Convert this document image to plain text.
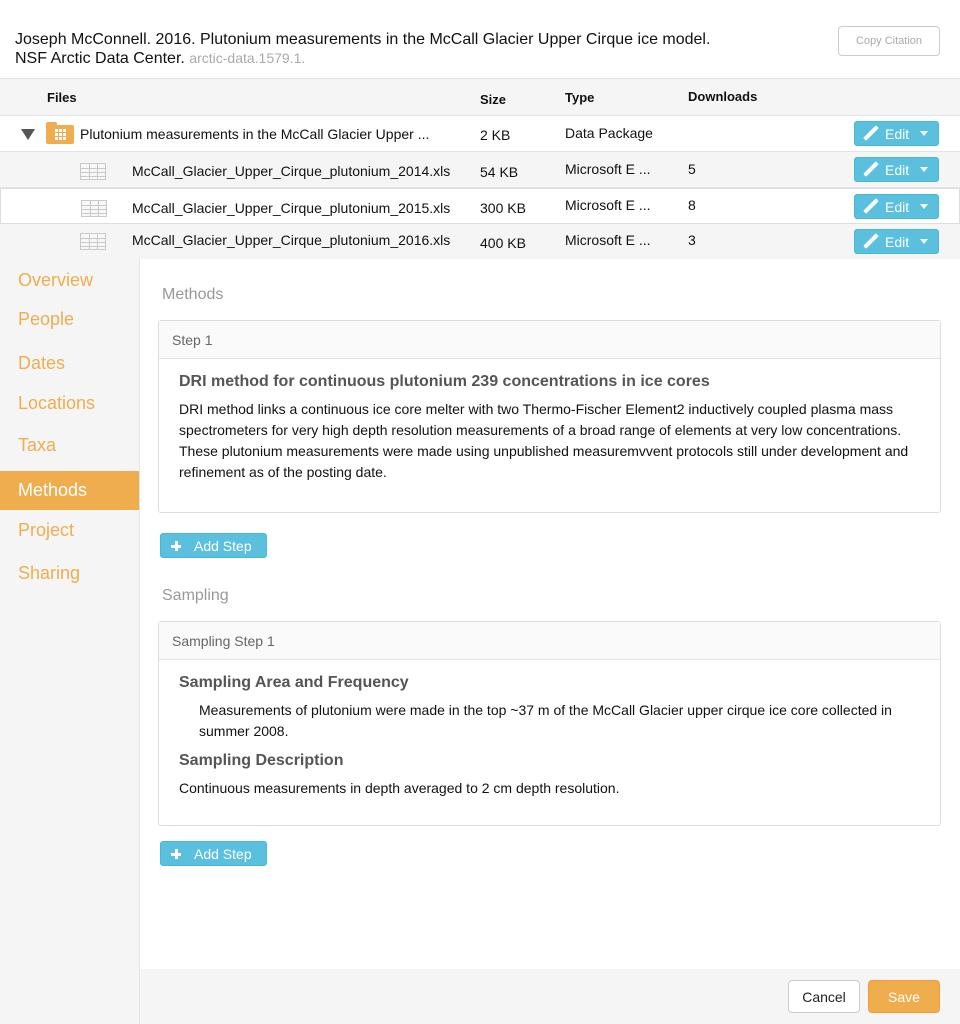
Joseph McConnell. 2016. Plutonium measurements in the McCall Glacier Upper Cirque ice model.
NSF Arctic Data Center. arctic-data.1579.1.
Copy Citation
Files	Size	Type	Downloads
Plutonium measurements in the McCall Glacier Upper ...	2 KB	Data Package	Edit
McCall_Glacier_Upper_Cirque_plutonium_2014.xls 54 KB	Microsoft E ...	5	Edit
McCall_Glacier_Upper_Cirque_plutonium_2015.xls 300 KB	Microsoft E ...	8	Edit
McCall_Glacier_Upper_Cirque_plutonium_2016.xls 400 KB	Microsoft E ...	3	Edit
Overview
People
Dates
Locations
Taxa
Methods
Project
Sharing
Methods
Step 1
DRI method for continuous plutonium 239 concentrations in ice cores

DRI method links a continuous ice core melter with two Thermo-Fischer Element2 inductively coupled plasma mass spectrometers for very high depth resolution measurements of a broad range of elements at very low concentrations. These plutonium measurements were made using unpublished measuremvvent protocols still under development and refinement as of the posting date.

Add Step
Sampling
Sampling Step 1
Sampling Area and Frequency

Measurements of plutonium were made in the top ~37 m of the McCall Glacier upper cirque ice core collected in summer 2008.

Sampling Description

Continuous measurements in depth averaged to 2 cm depth resolution.

Add Step
Cancel	Save
